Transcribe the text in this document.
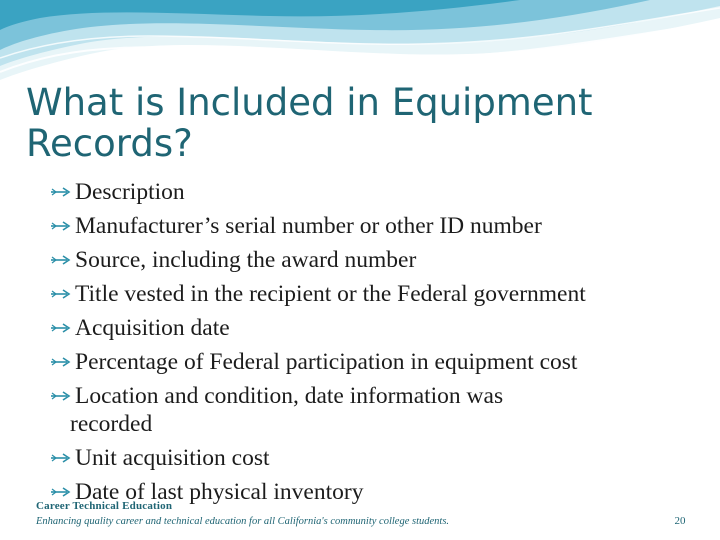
What is Included in Equipment
Records?
Description
Manufacturer’s serial number or other ID number
Source, including the award number
Title vested in the recipient or the Federal government
Acquisition date
Percentage of Federal participation in equipment cost
Location and condition, date information was
recorded
Unit acquisition cost
Date of last physical inventory

Career Technical Education

Enhancing quality career and technical education for all California's community college students.	20
